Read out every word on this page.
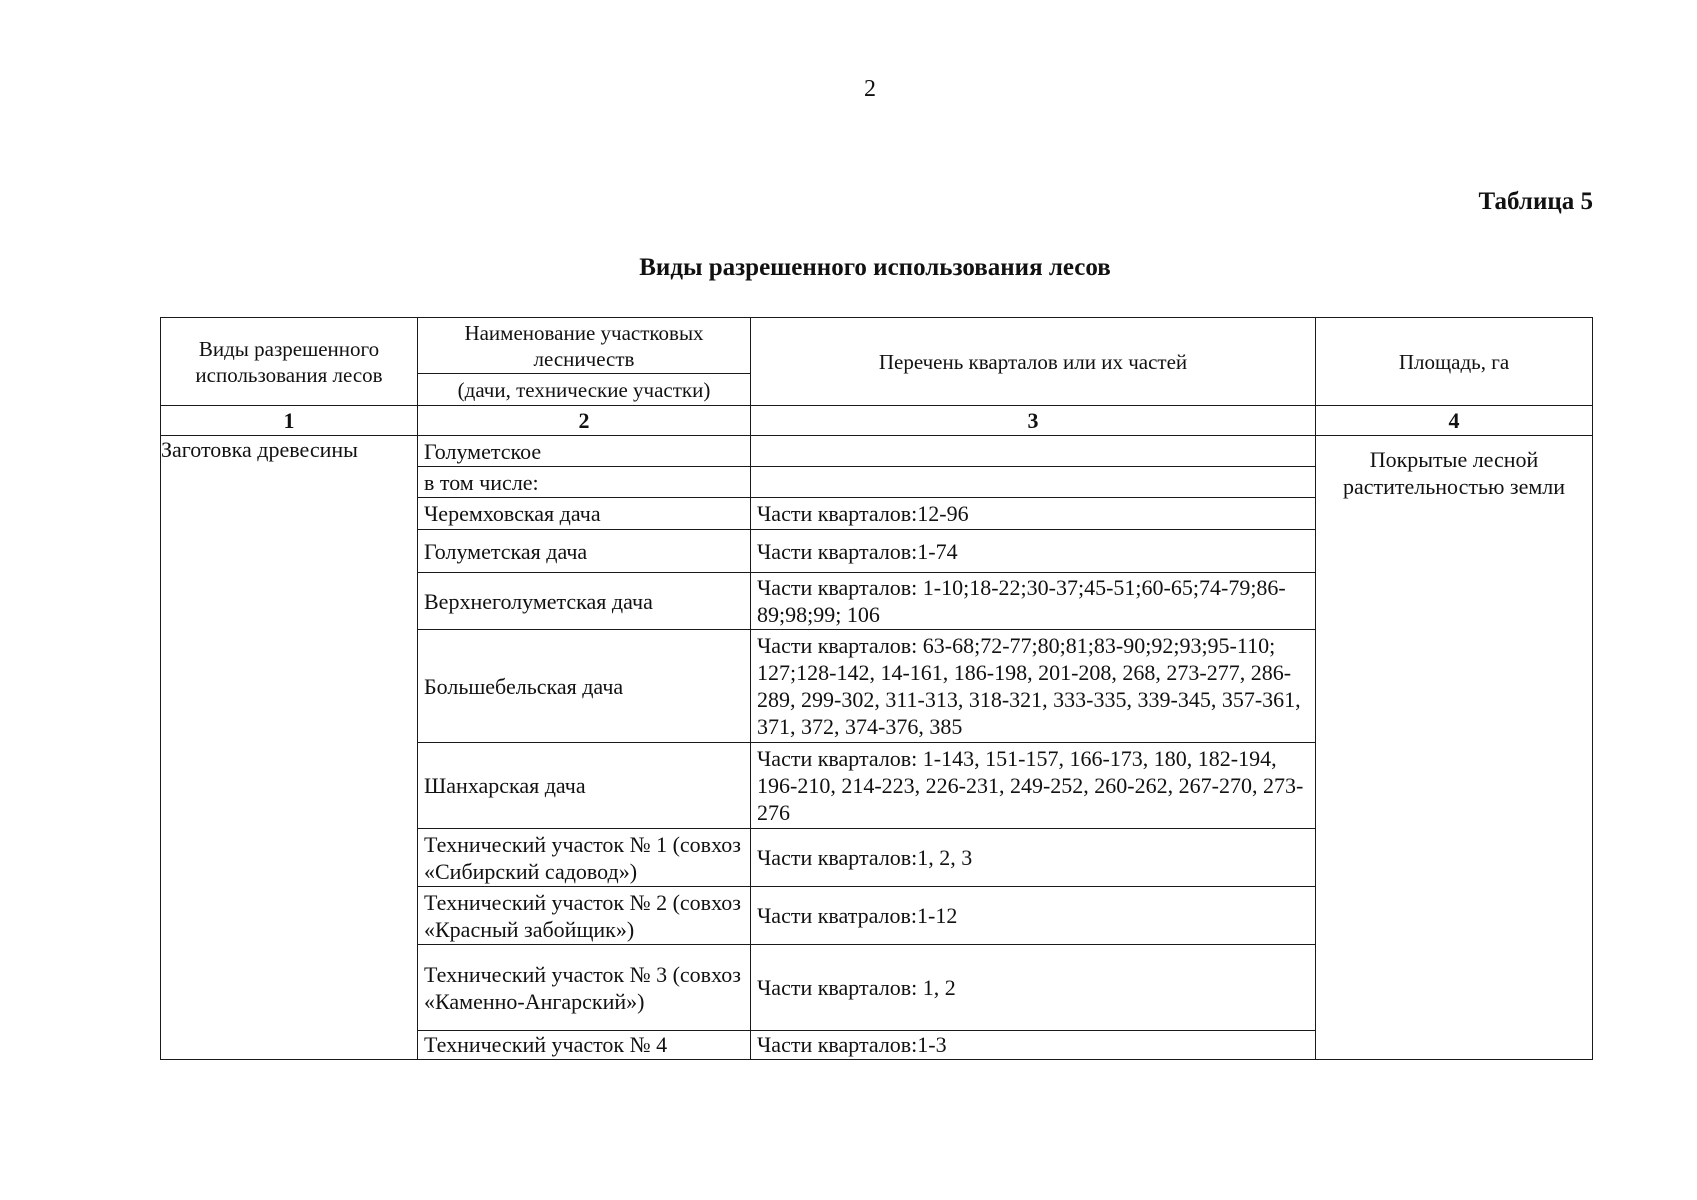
2
Таблица 5
Виды разрешенного использования лесов
Виды разрешенного использования лесов	Наименование участковых лесничеств	Перечень кварталов или их частей	Площадь, га
	(дачи, технические участки)		
1	2	3	4
Заготовка древесины	Голуметское		Покрытые лесной растительностью земли
	в том числе:		
	Черемховская дача	Части кварталов:12-96	
	Голуметская дача	Части кварталов:1-74	
	Верхнеголуметская дача	Части кварталов: 1-10;18-22;30-37;45-51;60-65;74-79;86-89;98;99; 106	
	Большебельская дача	Части кварталов: 63-68;72-77;80;81;83-90;92;93;95-110; 127;128-142, 14-161, 186-198, 201-208, 268, 273-277, 286-289, 299-302, 311-313, 318-321, 333-335, 339-345, 357-361, 371, 372, 374-376, 385	
	Шанхарская дача	Части кварталов: 1-143, 151-157, 166-173, 180, 182-194, 196-210, 214-223, 226-231, 249-252, 260-262, 267-270, 273-276	
	Технический участок № 1 (совхоз «Сибирский садовод»)	Части кварталов:1, 2, 3	
	Технический участок № 2 (совхоз «Красный забойщик»)	Части кватралов:1-12	
	Технический участок № 3 (совхоз «Каменно-Ангарский»)	Части кварталов: 1, 2	
	Технический участок № 4	Части кварталов:1-3	
